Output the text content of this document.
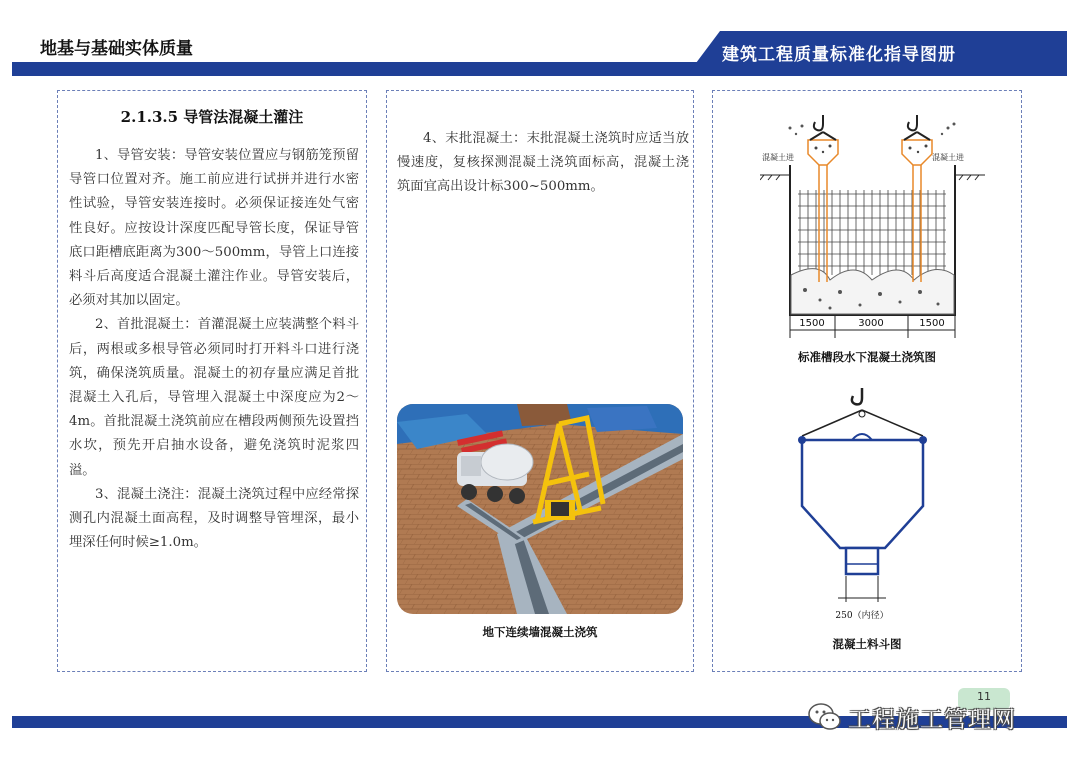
地基与基础实体质量	建筑工程质量标准化指导图册
2.1.3.5 导管法混凝土灌注

1、导管安装：导管安装位置应与钢筋笼预留导管口位置对齐。施工前应进行试拼并进行水密性试验，导管安装连接时。必须保证接连处气密性良好。应按设计深度匹配导管长度，保证导管底口距槽底距离为300～500mm，导管上口连接料斗后高度适合混凝土灌注作业。导管安装后，必须对其加以固定。

2、首批混凝土：首灌混凝土应装满整个料斗后，两根或多根导管必须同时打开料斗口进行浇筑，确保浇筑质量。混凝土的初存量应满足首批混凝土入孔后，导管埋入混凝土中深度应为2～4m。首批混凝土浇筑前应在槽段两侧预先设置挡水坎，预先开启抽水设备，避免浇筑时泥浆四溢。

3、混凝土浇注：混凝土浇筑过程中应经常探测孔内混凝土面高程，及时调整导管埋深，最小埋深任何时候≥1.0m。

4、末批混凝土：末批混凝土浇筑时应适当放慢速度，复核探测混凝土浇筑面标高，混凝土浇筑面宜高出设计标300~500mm。

地下连续墙混凝土浇筑
混凝土进	混凝土进
1500	3000	1500
标准槽段水下混凝土浇筑图
250（内径）
混凝土料斗图
11
工程施工管理网
